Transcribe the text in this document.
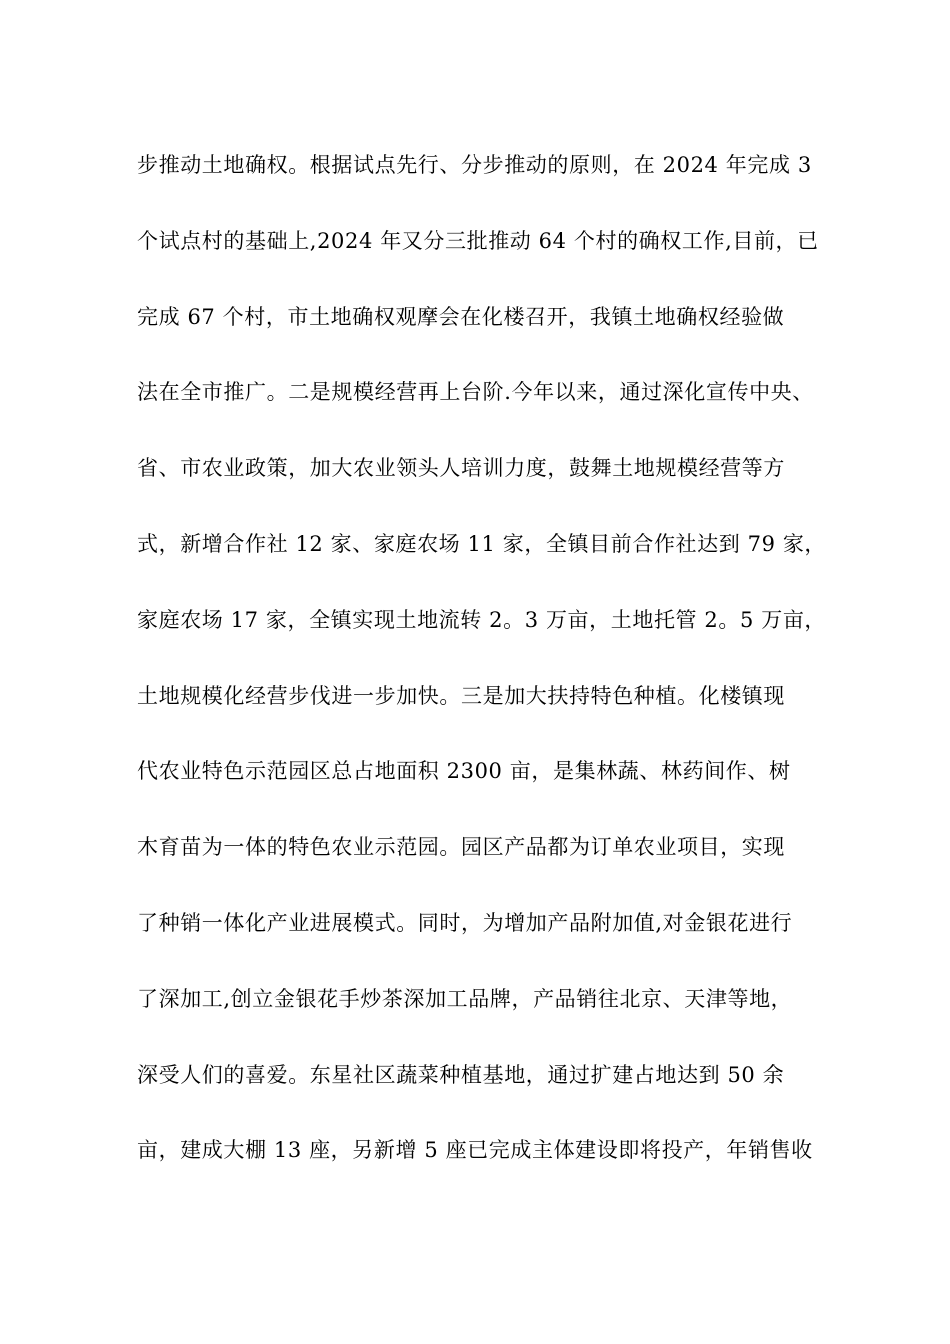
步推动土地确权。根据试点先行、分步推动的原则，在 2024 年完成 3
个试点村的基础上,2024 年又分三批推动 64 个村的确权工作,目前，已
完成 67 个村，市土地确权观摩会在化楼召开，我镇土地确权经验做
法在全市推广。二是规模经营再上台阶.今年以来，通过深化宣传中央、
省、市农业政策，加大农业领头人培训力度，鼓舞土地规模经营等方
式，新增合作社 12 家、家庭农场 11 家，全镇目前合作社达到 79 家，
家庭农场 17 家，全镇实现土地流转 2。3 万亩，土地托管 2。5 万亩，
土地规模化经营步伐进一步加快。三是加大扶持特色种植。化楼镇现
代农业特色示范园区总占地面积 2300 亩，是集林蔬、林药间作、树
木育苗为一体的特色农业示范园。园区产品都为订单农业项目，实现
了种销一体化产业进展模式。同时，为增加产品附加值,对金银花进行
了深加工,创立金银花手炒茶深加工品牌，产品销往北京、天津等地，
深受人们的喜爱。东星社区蔬菜种植基地，通过扩建占地达到 50 余
亩，建成大棚 13 座，另新增 5 座已完成主体建设即将投产，年销售收
